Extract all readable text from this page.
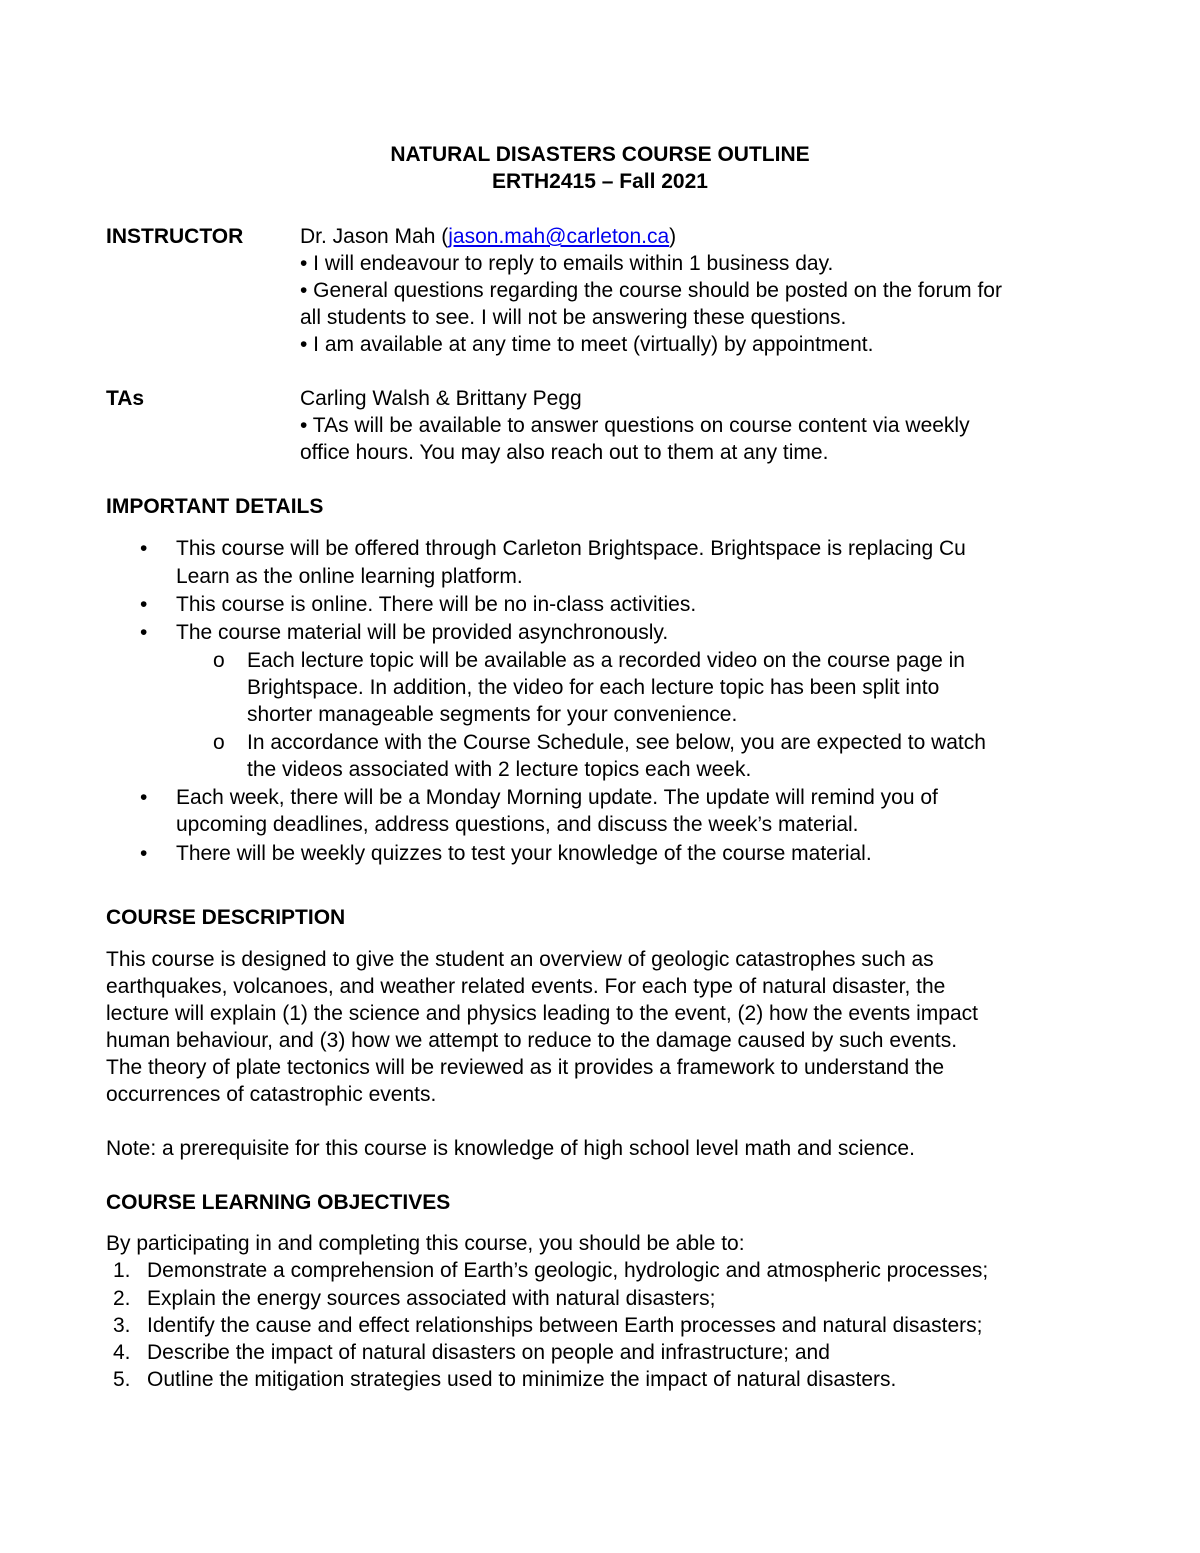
NATURAL DISASTERS COURSE OUTLINE
ERTH2415 – Fall 2021
INSTRUCTOR	Dr. Jason Mah (jason.mah@carleton.ca)
• I will endeavour to reply to emails within 1 business day.
• General questions regarding the course should be posted on the forum for
all students to see. I will not be answering these questions.
• I am available at any time to meet (virtually) by appointment.
TAs	Carling Walsh & Brittany Pegg
• TAs will be available to answer questions on course content via weekly
office hours. You may also reach out to them at any time.
IMPORTANT DETAILS
• This course will be offered through Carleton Brightspace. Brightspace is replacing Cu
Learn as the online learning platform.
• This course is online. There will be no in-class activities.
• The course material will be provided asynchronously.
o Each lecture topic will be available as a recorded video on the course page in
Brightspace. In addition, the video for each lecture topic has been split into
shorter manageable segments for your convenience.
o In accordance with the Course Schedule, see below, you are expected to watch
the videos associated with 2 lecture topics each week.
• Each week, there will be a Monday Morning update. The update will remind you of
upcoming deadlines, address questions, and discuss the week’s material.
• There will be weekly quizzes to test your knowledge of the course material.
COURSE DESCRIPTION
This course is designed to give the student an overview of geologic catastrophes such as
earthquakes, volcanoes, and weather related events. For each type of natural disaster, the
lecture will explain (1) the science and physics leading to the event, (2) how the events impact
human behaviour, and (3) how we attempt to reduce to the damage caused by such events.
The theory of plate tectonics will be reviewed as it provides a framework to understand the
occurrences of catastrophic events.
Note: a prerequisite for this course is knowledge of high school level math and science.
COURSE LEARNING OBJECTIVES
By participating in and completing this course, you should be able to:
1. Demonstrate a comprehension of Earth’s geologic, hydrologic and atmospheric processes;
2. Explain the energy sources associated with natural disasters;
3. Identify the cause and effect relationships between Earth processes and natural disasters;
4. Describe the impact of natural disasters on people and infrastructure; and
5. Outline the mitigation strategies used to minimize the impact of natural disasters.
